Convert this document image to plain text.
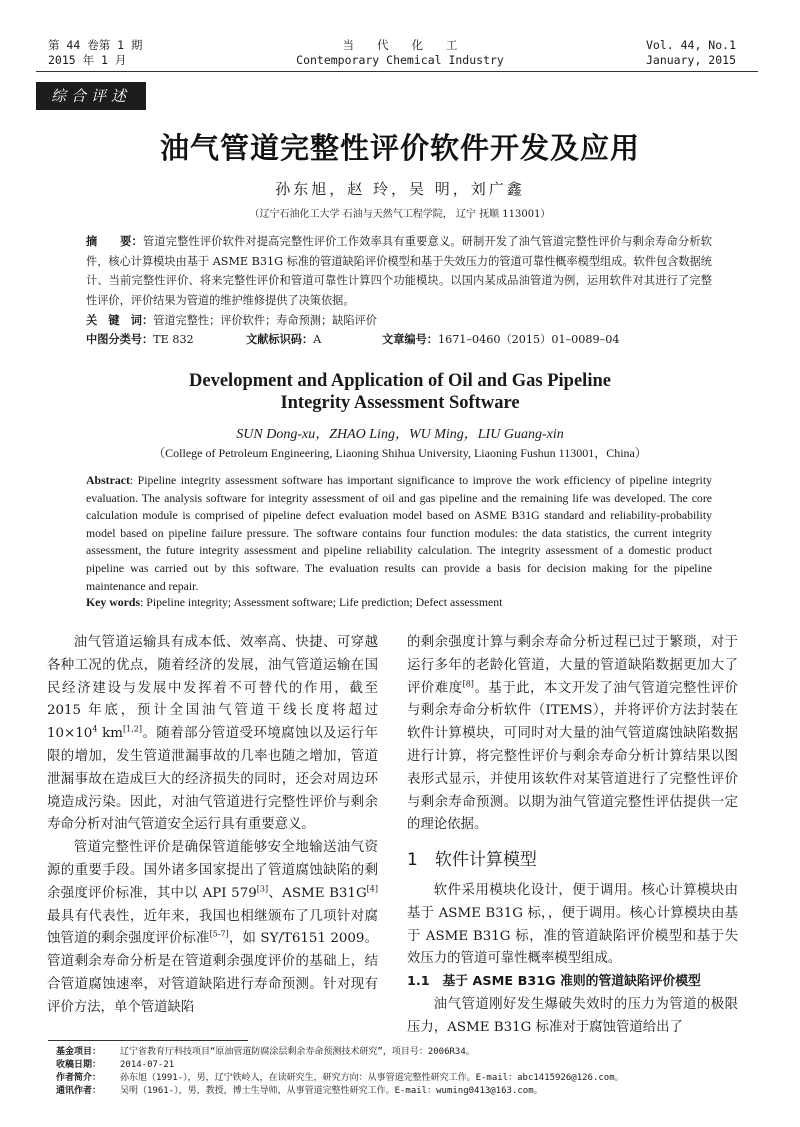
第 44 卷第 1 期
2015 年 1 月
当　　代　　化　　工
Contemporary Chemical Industry
Vol. 44, No.1
January, 2015
综合评述
油气管道完整性评价软件开发及应用
孙东旭，赵 玲，吴 明，刘广鑫
（辽宁石油化工大学 石油与天然气工程学院， 辽宁 抚顺 113001）
摘　　要：管道完整性评价软件对提高完整性评价工作效率具有重要意义。研制开发了油气管道完整性评价与剩余寿命分析软件，核心计算模块由基于 ASME B31G 标准的管道缺陷评价模型和基于失效压力的管道可靠性概率模型组成。软件包含数据统计、当前完整性评价、将来完整性评价和管道可靠性计算四个功能模块。以国内某成品油管道为例，运用软件对其进行了完整性评价，评价结果为管道的维护维修提供了决策依据。
关　键　词：管道完整性；评价软件；寿命预测；缺陷评价
中图分类号：TE 832	文献标识码：A	文章编号：1671–0460（2015）01–0089–04
Development and Application of Oil and Gas Pipeline
Integrity Assessment Software
SUN Dong-xu，ZHAO Ling，WU Ming，LIU Guang-xin
（College of Petroleum Engineering, Liaoning Shihua University, Liaoning Fushun 113001，China）
Abstract: Pipeline integrity assessment software has important significance to improve the work efficiency of pipeline integrity evaluation. The analysis software for integrity assessment of oil and gas pipeline and the remaining life was developed. The core calculation module is comprised of pipeline defect evaluation model based on ASME B31G standard and reliability-probability model based on pipeline failure pressure. The software contains four function modules: the data statistics, the current integrity assessment, the future integrity assessment and pipeline reliability calculation. The integrity assessment of a domestic product pipeline was carried out by this software. The evaluation results can provide a basis for decision making for the pipeline maintenance and repair.
Key words: Pipeline integrity; Assessment software; Life prediction; Defect assessment

油气管道运输具有成本低、效率高、快捷、可穿越各种工况的优点，随着经济的发展，油气管道运输在国民经济建设与发展中发挥着不可替代的作用，截至 2015 年底，预计全国油气管道干线长度将超过 $10\times 10^4$ km[1,2]。随着部分管道受环境腐蚀以及运行年限的增加，发生管道泄漏事故的几率也随之增加，管道泄漏事故在造成巨大的经济损失的同时，还会对周边环境造成污染。因此，对油气管道进行完整性评价与剩余寿命分析对油气管道安全运行具有重要意义。

管道完整性评价是确保管道能够安全地输送油气资源的重要手段。国外诸多国家提出了管道腐蚀缺陷的剩余强度评价标准，其中以 API 579[3]、ASME B31G[4]最具有代表性，近年来，我国也相继颁布了几项针对腐蚀管道的剩余强度评价标准[5-7]，如 SY/T6151 2009。管道剩余寿命分析是在管道剩余强度评价的基础上，结合管道腐蚀速率，对管道缺陷进行寿命预测。针对现有评价方法，单个管道缺陷

的剩余强度计算与剩余寿命分析过程已过于繁琐，对于运行多年的老龄化管道，大量的管道缺陷数据更加大了评价难度[8]。基于此，本文开发了油气管道完整性评价与剩余寿命分析软件（ITEMS），并将评价方法封装在软件计算模块，可同时对大量的油气管道腐蚀缺陷数据进行计算，将完整性评价与剩余寿命分析计算结果以图表形式显示，并使用该软件对某管道进行了完整性评价与剩余寿命预测。以期为油气管道完整性评估提供一定的理论依据。

1　软件计算模型

软件采用模块化设计，便于调用。核心计算模块由基于 ASME B31G 标，，便于调用。核心计算模块由基于 ASME B31G 标，准的管道缺陷评价模型和基于失效压力的管道可靠性概率模型组成。

1.1　基于 ASME B31G 准则的管道缺陷评价模型

油气管道刚好发生爆破失效时的压力为管道的极限压力，ASME B31G 标准对于腐蚀管道给出了

基金项目：	辽宁省教育厅科技项目“原油管道防腐涂层剩余寿命预测技术研究”，项目号：2006R34。
收稿日期：	2014-07-21
作者简介：	孙东旭（1991-），男，辽宁铁岭人，在读研究生，研究方向：从事管道完整性研究工作。E-mail：abc1415926@126.com。
通讯作者：	吴明（1961-），男，教授，博士生导师，从事管道完整性研究工作。E-mail：wuming0413@163.com。
